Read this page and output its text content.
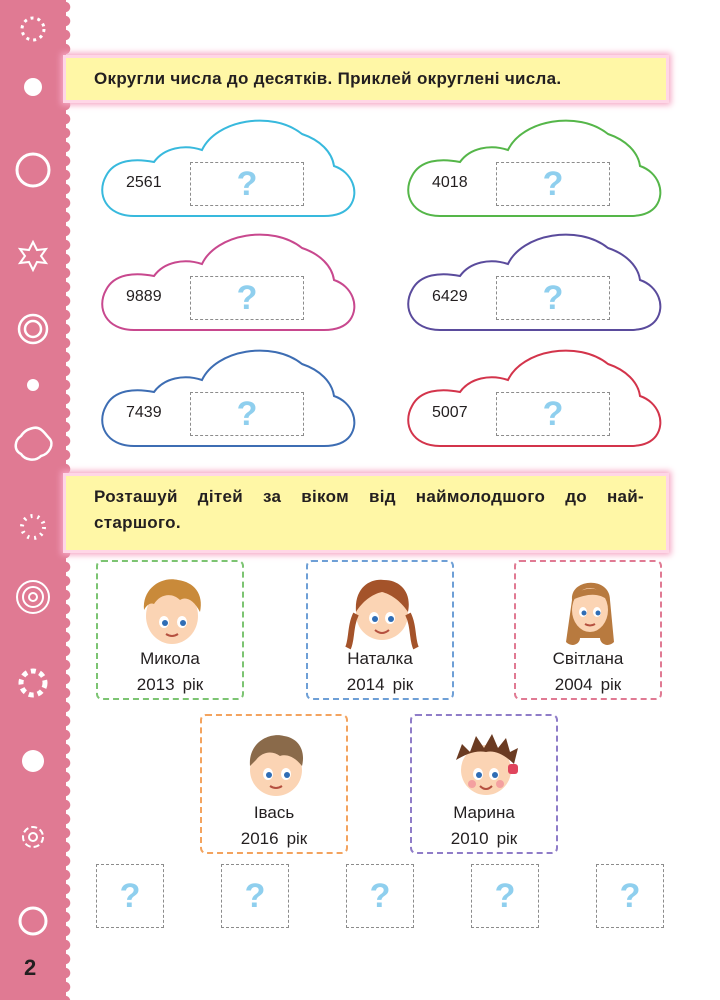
2
Округли числа до десятків. Приклей округлені числа.
2561 ?	4018 ?
9889 ?	6429 ?
7439 ?	5007 ?
Розташуй дітей за віком від наймолодшого до най-
старшого.
Микола
2013 рік
Наталка
2014 рік
Світлана
2004 рік
Івась
2016 рік
Марина
2010 рік
?	?	?	?	?
